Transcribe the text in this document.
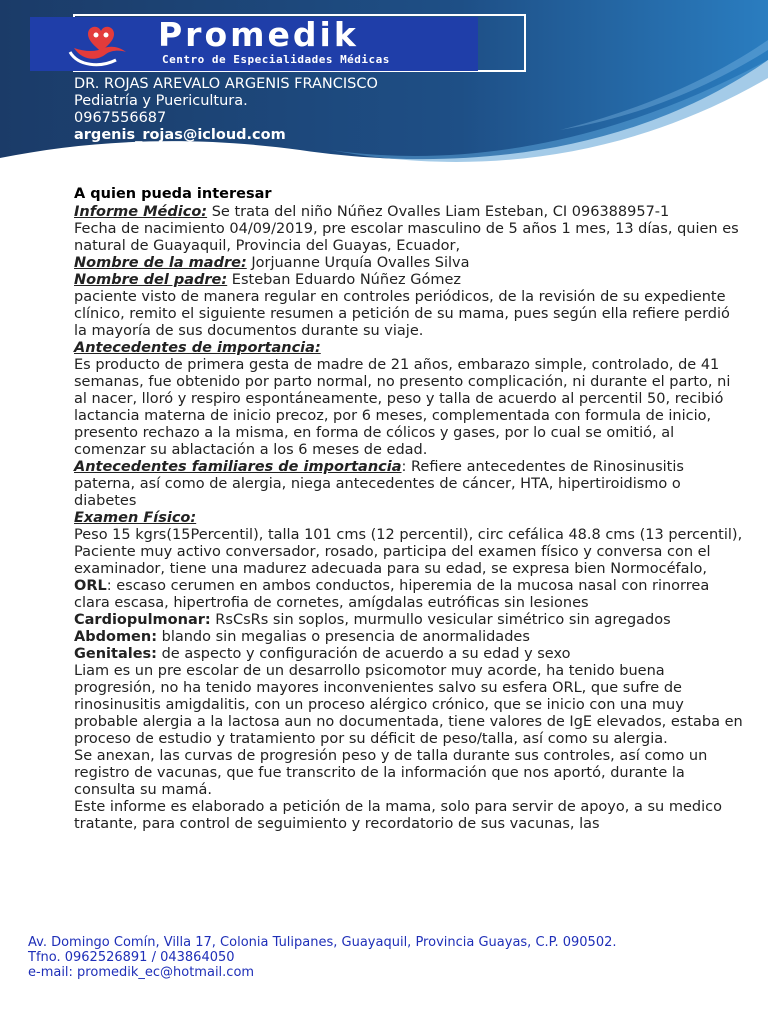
Promedik
Centro de Especialidades Médicas
DR. ROJAS AREVALO ARGENIS FRANCISCO
Pediatría y Puericultura.
0967556687
argenis_rojas@icloud.com

A quien pueda interesar

Informe Médico: Se trata del niño Núñez Ovalles Liam Esteban, CI 096388957-1

Fecha de nacimiento 04/09/2019, pre escolar masculino de 5 años 1 mes, 13 días, quien es natural de Guayaquil, Provincia del Guayas, Ecuador,

Nombre de la madre: Jorjuanne Urquía Ovalles Silva

Nombre del padre: Esteban Eduardo Núñez Gómez

paciente visto de manera regular en controles periódicos, de la revisión de su expediente clínico, remito el siguiente resumen a petición de su mama, pues según ella refiere perdió la mayoría de sus documentos durante su viaje.

Antecedentes de importancia:

Es producto de primera gesta de madre de 21 años, embarazo simple, controlado, de 41 semanas, fue obtenido por parto normal, no presento complicación, ni durante el parto, ni al nacer, lloró y respiro espontáneamente, peso y talla de acuerdo al percentil 50, recibió lactancia materna de inicio precoz, por 6 meses, complementada con formula de inicio, presento rechazo a la misma, en forma de cólicos y gases, por lo cual se omitió, al comenzar su ablactación a los 6 meses de edad.

Antecedentes familiares de importancia: Refiere antecedentes de Rinosinusitis paterna, así como de alergia, niega antecedentes de cáncer, HTA, hipertiroidismo o diabetes

Examen Físico:

Peso 15 kgrs(15Percentil), talla 101 cms (12 percentil), circ cefálica 48.8 cms (13 percentil),

Paciente muy activo conversador, rosado, participa del examen físico y conversa con el examinador, tiene una madurez adecuada para su edad, se expresa bien Normocéfalo,

ORL: escaso cerumen en ambos conductos, hiperemia de la mucosa nasal con rinorrea clara escasa, hipertrofia de cornetes, amígdalas eutróficas sin lesiones

Cardiopulmonar: RsCsRs sin soplos, murmullo vesicular simétrico sin agregados

Abdomen: blando sin megalias o presencia de anormalidades

Genitales: de aspecto y configuración de acuerdo a su edad y sexo

Liam es un pre escolar de un desarrollo psicomotor muy acorde, ha tenido buena progresión, no ha tenido mayores inconvenientes salvo su esfera ORL, que sufre de rinosinusitis amigdalitis, con un proceso alérgico crónico, que se inicio con una muy probable alergia a la lactosa aun no documentada, tiene valores de IgE elevados, estaba en proceso de estudio y tratamiento por su déficit de peso/talla, así como su alergia.

Se anexan, las curvas de progresión peso y de talla durante sus controles, así como un registro de vacunas, que fue transcrito de la información que nos aportó, durante la consulta su mamá.

Este informe es elaborado a petición de la mama, solo para servir de apoyo, a su medico tratante, para control de seguimiento y recordatorio de sus vacunas, las

Av. Domingo Comín, Villa 17, Colonia Tulipanes, Guayaquil, Provincia Guayas, C.P. 090502.
Tfno. 0962526891 / 043864050
e-mail: promedik_ec@hotmail.com
